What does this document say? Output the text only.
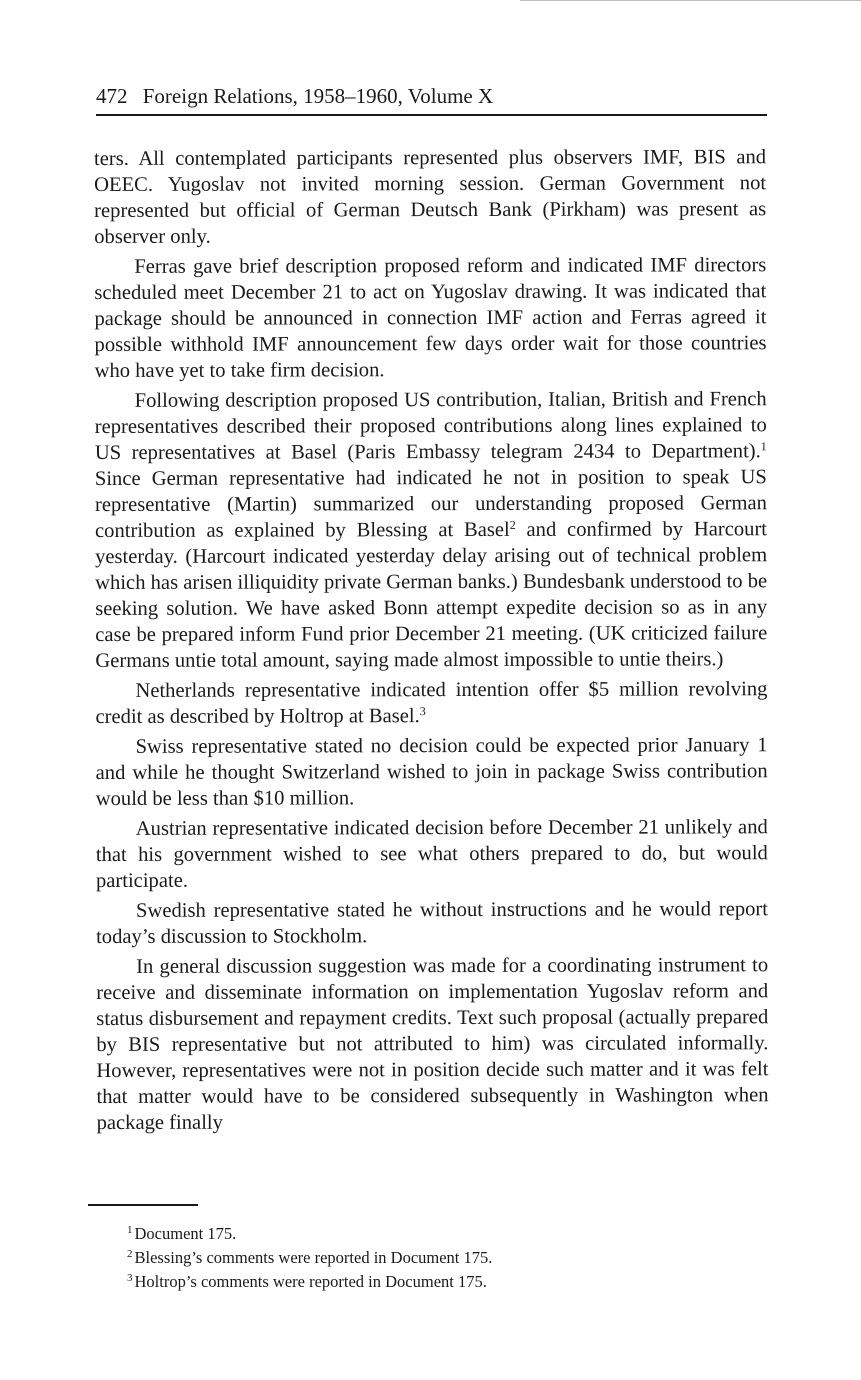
472 Foreign Relations, 1958–1960, Volume X

ters. All contemplated participants represented plus observers IMF, BIS and OEEC. Yugoslav not invited morning session. German Government not represented but official of German Deutsch Bank (Pirkham) was present as observer only.

Ferras gave brief description proposed reform and indicated IMF directors scheduled meet December 21 to act on Yugoslav drawing. It was indicated that package should be announced in connection IMF action and Ferras agreed it possible withhold IMF announcement few days order wait for those countries who have yet to take firm decision.

Following description proposed US contribution, Italian, British and French representatives described their proposed contributions along lines explained to US representatives at Basel (Paris Embassy telegram 2434 to Department).$^1$ Since German representative had indicated he not in position to speak US representative (Martin) summarized our understanding proposed German contribution as explained by Blessing at Basel$^2$ and confirmed by Harcourt yesterday. (Harcourt indicated yesterday delay arising out of technical problem which has arisen illiquidity private German banks.) Bundesbank understood to be seeking solution. We have asked Bonn attempt expedite decision so as in any case be prepared inform Fund prior December 21 meeting. (UK criticized failure Germans untie total amount, saying made almost impossible to untie theirs.)

Netherlands representative indicated intention offer $5 million revolving credit as described by Holtrop at Basel.$^3$

Swiss representative stated no decision could be expected prior January 1 and while he thought Switzerland wished to join in package Swiss contribution would be less than $10 million.

Austrian representative indicated decision before December 21 unlikely and that his government wished to see what others prepared to do, but would participate.

Swedish representative stated he without instructions and he would report today’s discussion to Stockholm.

In general discussion suggestion was made for a coordinating instrument to receive and disseminate information on implementation Yugoslav reform and status disbursement and repayment credits. Text such proposal (actually prepared by BIS representative but not attributed to him) was circulated informally. However, representatives were not in position decide such matter and it was felt that matter would have to be considered subsequently in Washington when package finally

$^1$ Document 175.

$^2$ Blessing’s comments were reported in Document 175.

$^3$ Holtrop’s comments were reported in Document 175.
